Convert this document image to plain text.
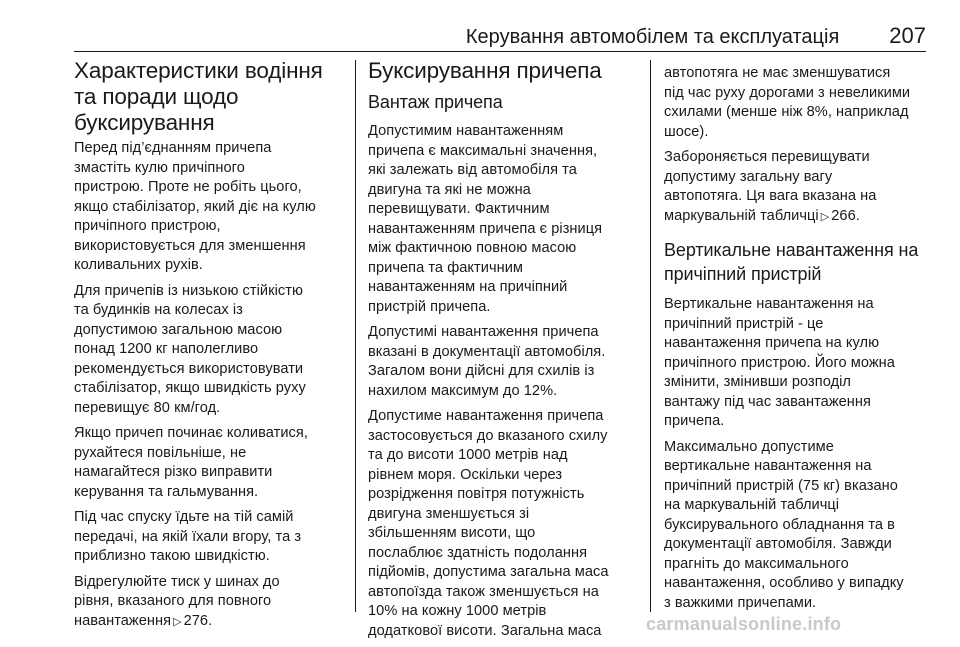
Керування автомобілем та експлуатація 207
Характеристики водіння
та поради щодо
буксирування

Перед під’єднанням причепа
змастіть кулю причіпного
пристрою. Проте не робіть цього,
якщо стабілізатор, який діє на кулю
причіпного пристрою,
використовується для зменшення
коливальних рухів.

Для причепів із низькою стійкістю
та будинків на колесах із
допустимою загальною масою
понад 1200 кг наполегливо
рекомендується використовувати
стабілізатор, якщо швидкість руху
перевищує 80 км/год.

Якщо причеп починає коливатися,
рухайтеся повільніше, не
намагайтеся різко виправити
керування та гальмування.

Під час спуску їдьте на тій самій
передачі, на якій їхали вгору, та з
приблизно такою швидкістю.

Відрегулюйте тиск у шинах до
рівня, вказаного для повного
навантаження ▷ 276.

Буксирування причепа
Вантаж причепа

Допустимим навантаженням
причепа є максимальні значення,
які залежать від автомобіля та
двигуна та які не можна
перевищувати. Фактичним
навантаженням причепа є різниця
між фактичною повною масою
причепа та фактичним
навантаженням на причіпний
пристрій причепа.

Допустимі навантаження причепа
вказані в документації автомобіля.
Загалом вони дійсні для схилів із
нахилом максимум до 12%.

Допустиме навантаження причепа
застосовується до вказаного схилу
та до висоти 1000 метрів над
рівнем моря. Оскільки через
розрідження повітря потужність
двигуна зменшується зі
збільшенням висоти, що
послаблює здатність подолання
підйомів, допустима загальна маса
автопоїзда також зменшується на
10% на кожну 1000 метрів
додаткової висоти. Загальна маса

автопотяга не має зменшуватися
під час руху дорогами з невеликими
схилами (менше ніж 8%, наприклад
шосе).

Забороняється перевищувати
допустиму загальну вагу
автопотяга. Ця вага вказана на
маркувальній табличці ▷ 266.

Вертикальне навантаження на
причіпний пристрій

Вертикальне навантаження на
причіпний пристрій - це
навантаження причепа на кулю
причіпного пристрою. Його можна
змінити, змінивши розподіл
вантажу під час завантаження
причепа.

Максимально допустиме
вертикальне навантаження на
причіпний пристрій (75 кг) вказано
на маркувальній табличці
буксирувального обладнання та в
документації автомобіля. Завжди
прагніть до максимального
навантаження, особливо у випадку
з важкими причепами.

carmanualsonline.info
